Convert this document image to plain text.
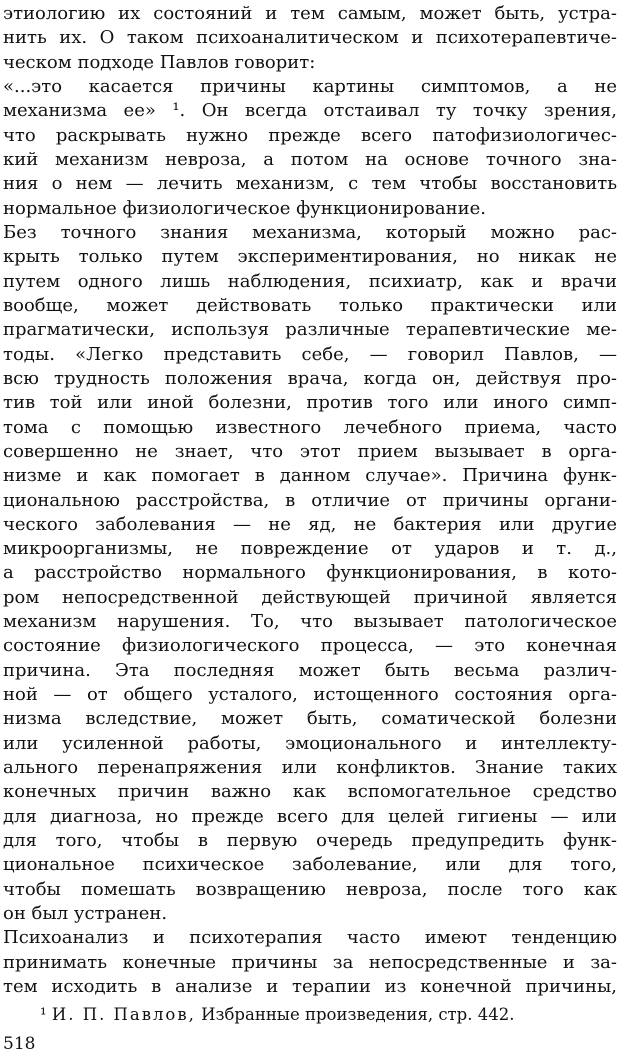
этиологию их состояний и тем самым, может быть, устра-
нить их. О таком психоаналитическом и психотерапевтиче-
ческом подходе Павлов говорит:
«...это касается причины картины симптомов, а не
механизма ее» ¹. Он всегда отстаивал ту точку зрения,
что раскрывать нужно прежде всего патофизиологичес-
кий механизм невроза, а потом на основе точного зна-
ния о нем — лечить механизм, с тем чтобы восстановить
нормальное физиологическое функционирование.
Без точного знания механизма, который можно рас-
крыть только путем экспериментирования, но никак не
путем одного лишь наблюдения, психиатр, как и врачи
вообще, может действовать только практически или
прагматически, используя различные терапевтические ме-
тоды. «Легко представить себе, — говорил Павлов, —
всю трудность положения врача, когда он, действуя про-
тив той или иной болезни, против того или иного симп-
тома с помощью известного лечебного приема, часто
совершенно не знает, что этот прием вызывает в орга-
низме и как помогает в данном случае». Причина функ-
циональною расстройства, в отличие от причины органи-
ческого заболевания — не яд, не бактерия или другие
микроорганизмы, не повреждение от ударов и т. д.,
а расстройство нормального функционирования, в кото-
ром непосредственной действующей причиной является
механизм нарушения. То, что вызывает патологическое
состояние физиологического процесса, — это конечная
причина. Эта последняя может быть весьма различ-
ной — от общего усталого, истощенного состояния орга-
низма вследствие, может быть, соматической болезни
или усиленной работы, эмоционального и интеллекту-
ального перенапряжения или конфликтов. Знание таких
конечных причин важно как вспомогательное средство
для диагноза, но прежде всего для целей гигиены — или
для того, чтобы в первую очередь предупредить функ-
циональное психическое заболевание, или для того,
чтобы помешать возвращению невроза, после того как
он был устранен.
Психоанализ и психотерапия часто имеют тенденцию
принимать конечные причины за непосредственные и за-
тем исходить в анализе и терапии из конечной причины,
¹ И. П. Павлов, Избранные произведения, стр. 442.
518
